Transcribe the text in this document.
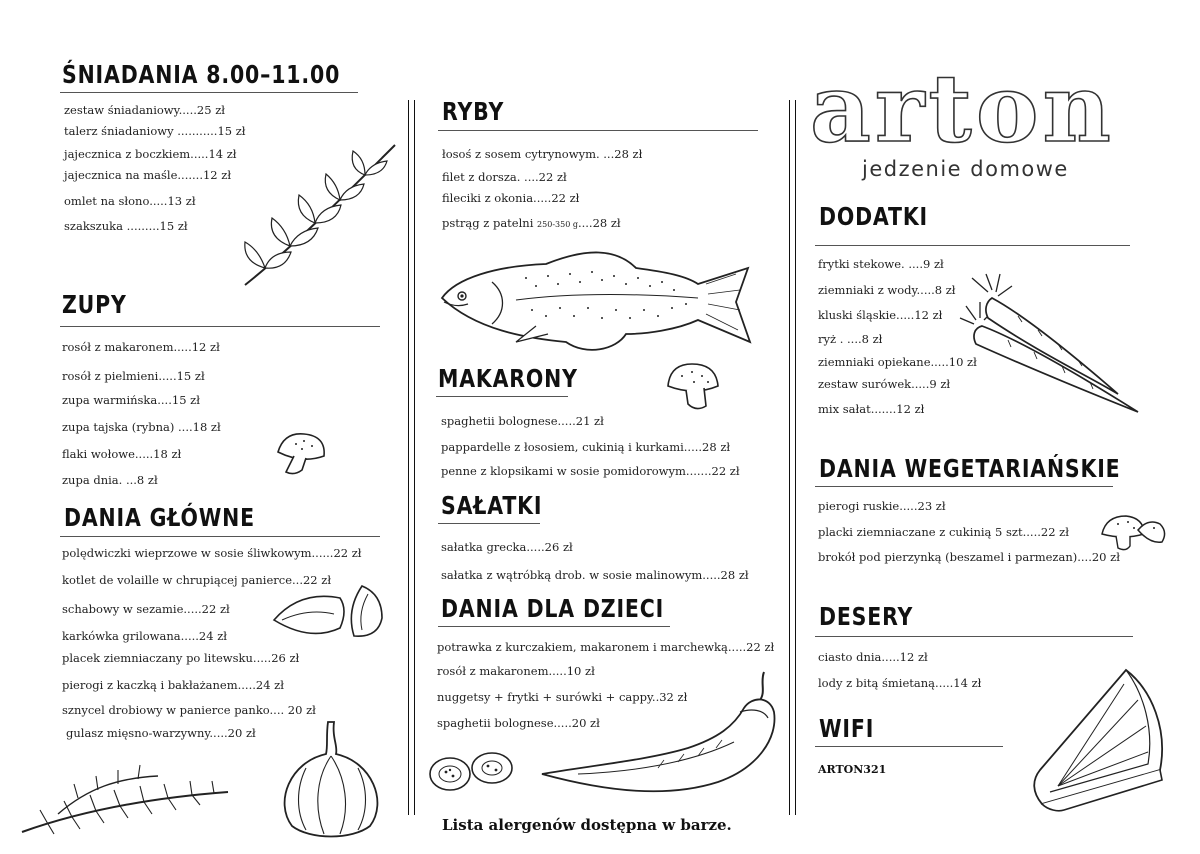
ŚNIADANIA 8.00–11.00
zestaw śniadaniowy.....25 zł
talerz śniadaniowy ...........15 zł
jajecznica z boczkiem.....14 zł
jajecznica na maśle.......12 zł
omlet na słono.....13 zł
szakszuka .........15 zł
ZUPY
rosół z makaronem.....12 zł
rosół z pielmieni.....15 zł
zupa warmińska....15 zł
zupa tajska (rybna) ....18 zł
flaki wołowe.....18 zł
zupa dnia. ...8 zł
DANIA GŁÓWNE
polędwiczki wieprzowe w sosie śliwkowym......22 zł
kotlet de volaille w chrupiącej panierce...22 zł
schabowy w sezamie.....22 zł
karkówka grilowana.....24 zł
placek ziemniaczany po litewsku.....26 zł
pierogi z kaczką i bakłażanem.....24 zł
sznycel drobiowy w panierce panko.... 20 zł
gulasz mięsno-warzywny.....20 zł
RYBY
łosoś z sosem cytrynowym. ...28 zł
filet z dorsza. ....22 zł
fileciki z okonia.....22 zł
pstrąg z patelni 250-350 g....28 zł
MAKARONY
spaghetii bolognese.....21 zł
pappardelle z łososiem, cukinią i kurkami.....28 zł
penne z klopsikami w sosie pomidorowym.......22 zł
SAŁATKI
sałatka grecka.....26 zł
sałatka z wątróbką drob. w sosie malinowym.....28 zł
DANIA DLA DZIECI
potrawka z kurczakiem, makaronem i marchewką.....22 zł
rosół z makaronem.....10 zł
nuggetsy + frytki + surówki + cappy..32 zł
spaghetii bolognese.....20 zł
Lista alergenów dostępna w barze.
arton
jedzenie domowe
DODATKI
frytki stekowe. ....9 zł
ziemniaki z wody.....8 zł
kluski śląskie.....12 zł
ryż . ....8 zł
ziemniaki opiekane.....10 zł
zestaw surówek.....9 zł
mix sałat.......12 zł
DANIA WEGETARIAŃSKIE
pierogi ruskie.....23 zł
placki ziemniaczane z cukinią 5 szt.....22 zł
brokół pod pierzynką (beszamel i parmezan)....20 zł
DESERY
ciasto dnia.....12 zł
lody z bitą śmietaną.....14 zł
WIFI
ARTON321
